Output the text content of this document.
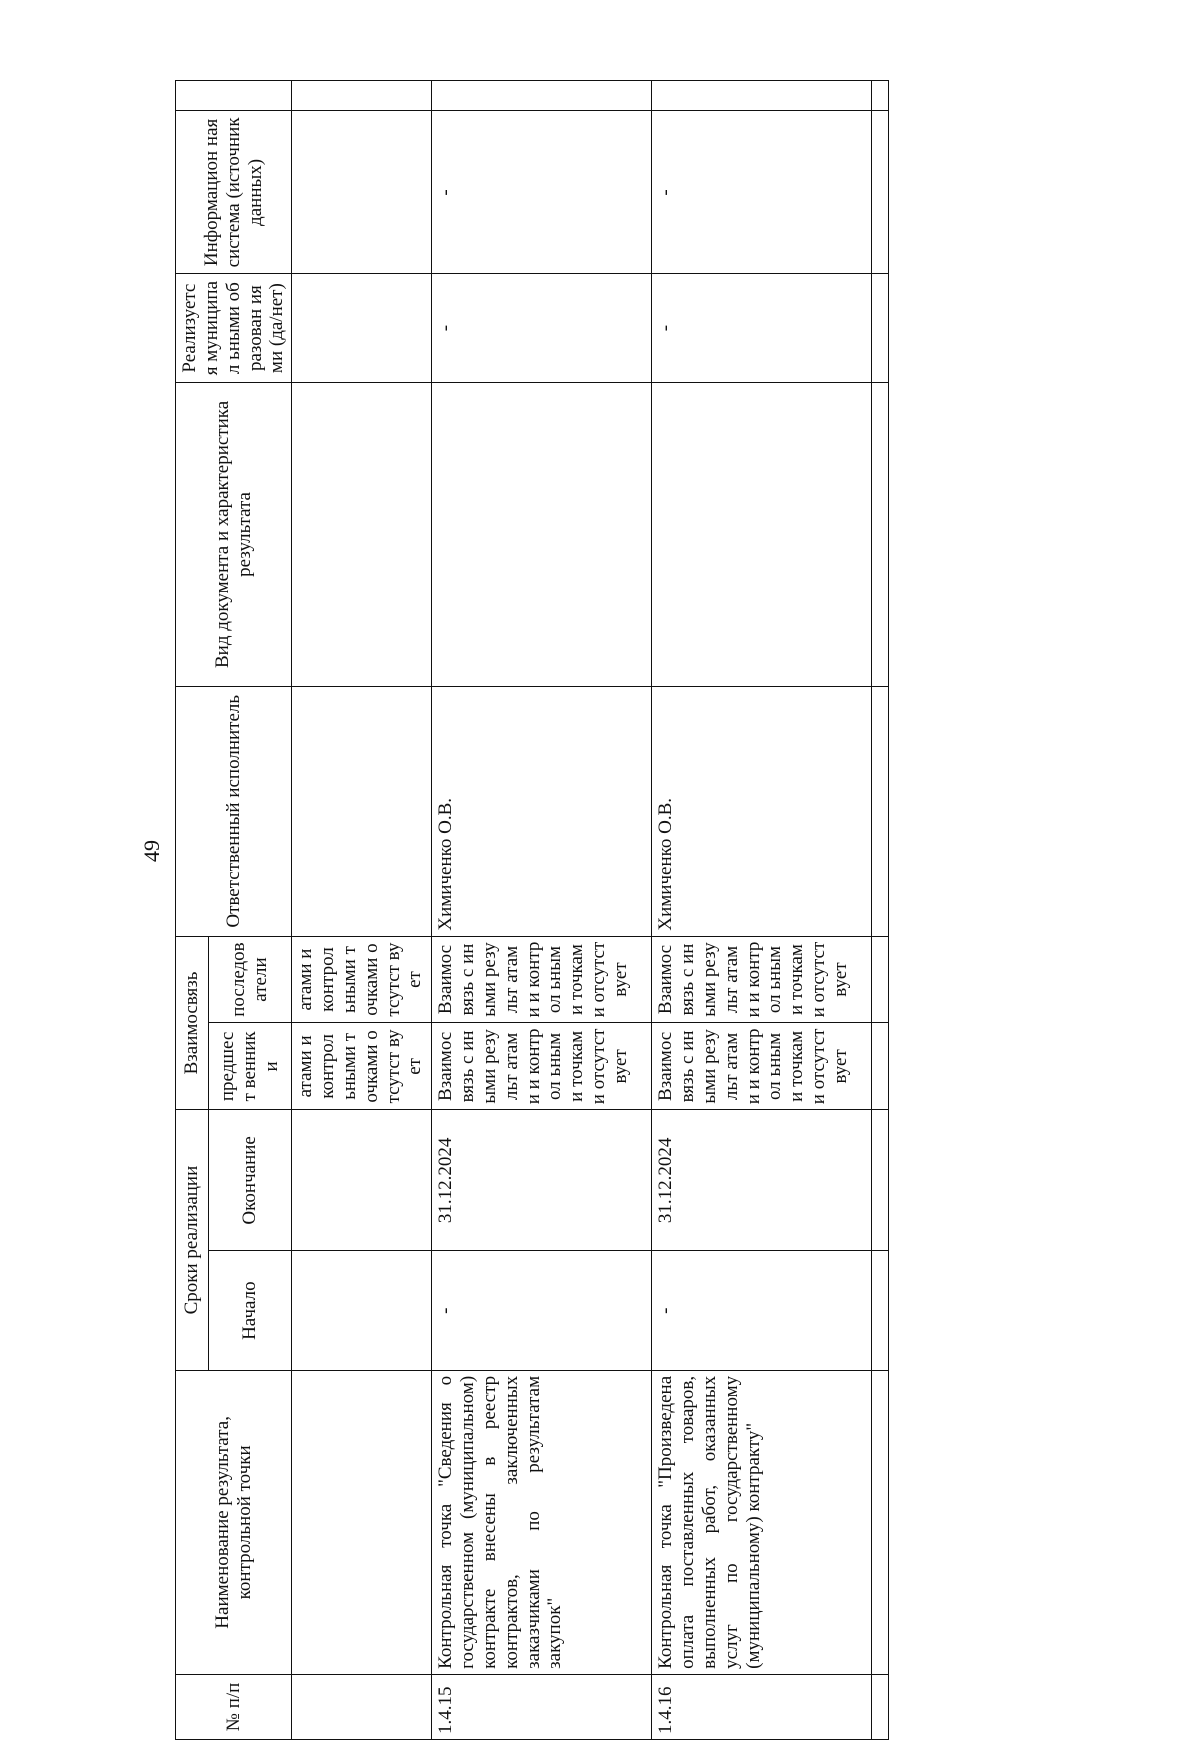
49
№ п/п	Наименование результата, контрольной точки	Сроки реализации		Взаимосвязь		Ответственный исполнитель	Вид документа и характеристика результата	Реализуетс я муниципал ьными образован иями (да/нет)	Информацион ная система (источник данных)	
		Начало	Окончание	предшест венники	последов атели					
				атами и контрол ьными точками отсутст вует	атами и контрол ьными точками отсутст вует					
1.4.15	Контрольная точка "Сведения о государственном (муниципальном) контракте внесены в реестр контрактов, заключенных заказчиками по результатам закупок"	-	31.12.2024	Взаимос вязь с иными результ атами и контрол ьными точками отсутст вует	Взаимос вязь с иными результ атами и контрол ьными точками отсутст вует	Химиченко О.В.		-	-	
1.4.16	Контрольная точка "Произведена оплата поставленных товаров, выполненных работ, оказанных услуг по государственному (муниципальному) контракту"	-	31.12.2024	Взаимос вязь с иными результ атами и контрол ьными точками отсутст вует	Взаимос вязь с иными результ атами и контрол ьными точками отсутст вует	Химиченко О.В.		-	-	
